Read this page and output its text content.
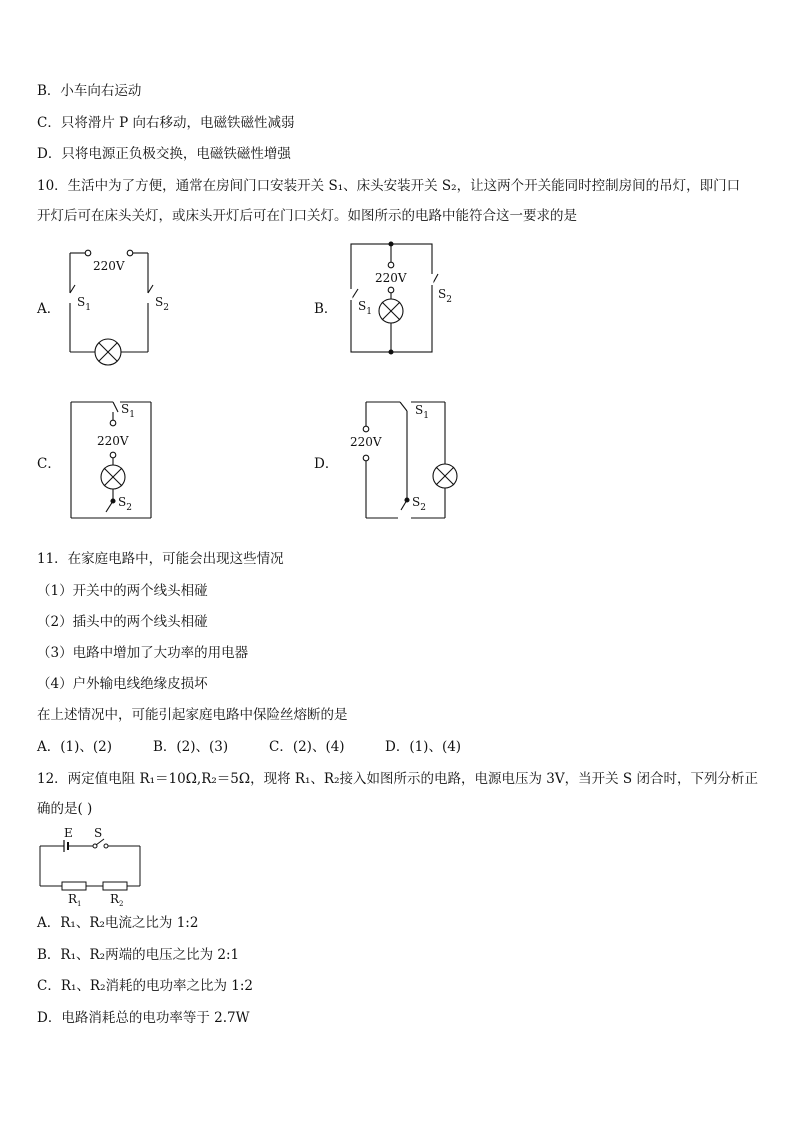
B．小车向右运动
C．只将滑片 P 向右移动，电磁铁磁性减弱
D．只将电源正负极交换，电磁铁磁性增强
10．生活中为了方便，通常在房间门口安装开关 S₁、床头安装开关 S₂，让这两个开关能同时控制房间的吊灯，即门口
开灯后可在床头关灯，或床头开灯后可在门口关灯。如图所示的电路中能符合这一要求的是
A．	B．
C．	D．
220V
$S_1$	$S_2$
220V
$S_1$
$S_2$
220V
$S_1$
$S_2$
220V
$S_1$
$S_2$
11．在家庭电路中，可能会出现这些情况
（1）开关中的两个线头相碰
（2）插头中的两个线头相碰
（3）电路中增加了大功率的用电器
（4）户外输电线绝缘皮损坏
在上述情况中，可能引起家庭电路中保险丝熔断的是
A．(1)、(2)	B．(2)、(3)	C．(2)、(4)	D．(1)、(4)
12．两定值电阻 R₁＝10Ω,R₂＝5Ω，现将 R₁、R₂接入如图所示的电路，电源电压为 3V，当开关 S 闭合时，下列分析正
确的是( )
E S
$R_1$ $R_2$
A．R₁、R₂电流之比为 1:2
B．R₁、R₂两端的电压之比为 2:1
C．R₁、R₂消耗的电功率之比为 1:2
D．电路消耗总的电功率等于 2.7W
